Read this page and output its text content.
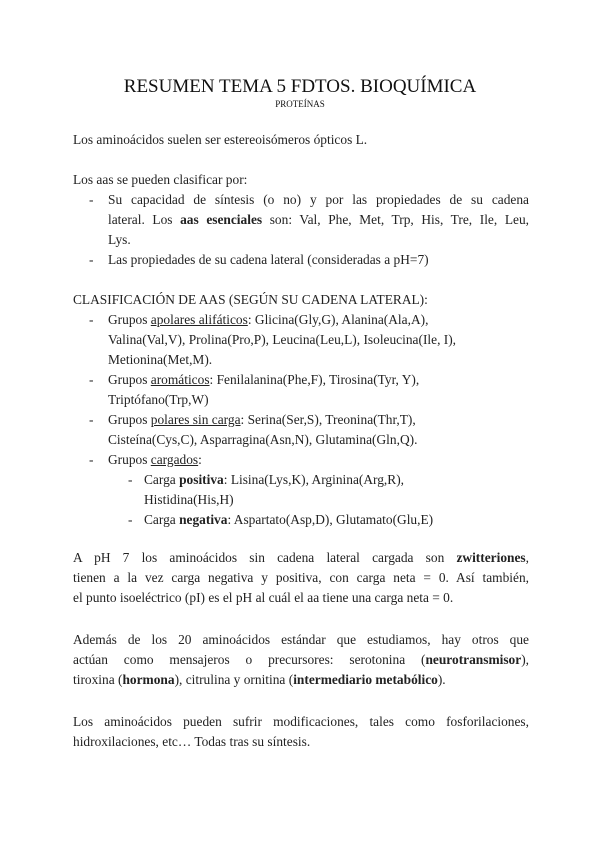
RESUMEN TEMA 5 FDTOS. BIOQUÍMICA
PROTEÍNAS
Los aminoácidos suelen ser estereoisómeros ópticos L.
Los aas se pueden clasificar por:
- Su capacidad de síntesis (o no) y por las propiedades de su cadena
lateral. Los aas esenciales son: Val, Phe, Met, Trp, His, Tre, Ile, Leu,
Lys.
- Las propiedades de su cadena lateral (consideradas a pH=7)
CLASIFICACIÓN DE AAS (SEGÚN SU CADENA LATERAL):
- Grupos apolares alifáticos: Glicina(Gly,G), Alanina(Ala,A),
Valina(Val,V), Prolina(Pro,P), Leucina(Leu,L), Isoleucina(Ile, I),
Metionina(Met,M).
- Grupos aromáticos: Fenilalanina(Phe,F), Tirosina(Tyr, Y),
Triptófano(Trp,W)
- Grupos polares sin carga: Serina(Ser,S), Treonina(Thr,T),
Cisteína(Cys,C), Asparragina(Asn,N), Glutamina(Gln,Q).
- Grupos cargados:
- Carga positiva: Lisina(Lys,K), Arginina(Arg,R),
Histidina(His,H)
- Carga negativa: Aspartato(Asp,D), Glutamato(Glu,E)
A pH 7 los aminoácidos sin cadena lateral cargada son zwitteriones,
tienen a la vez carga negativa y positiva, con carga neta = 0. Así también,
el punto isoeléctrico (pI) es el pH al cuál el aa tiene una carga neta = 0.
Además de los 20 aminoácidos estándar que estudiamos, hay otros que
actúan como mensajeros o precursores: serotonina (neurotransmisor),
tiroxina (hormona), citrulina y ornitina (intermediario metabólico).
Los aminoácidos pueden sufrir modificaciones, tales como fosforilaciones,
hidroxilaciones, etc… Todas tras su síntesis.
